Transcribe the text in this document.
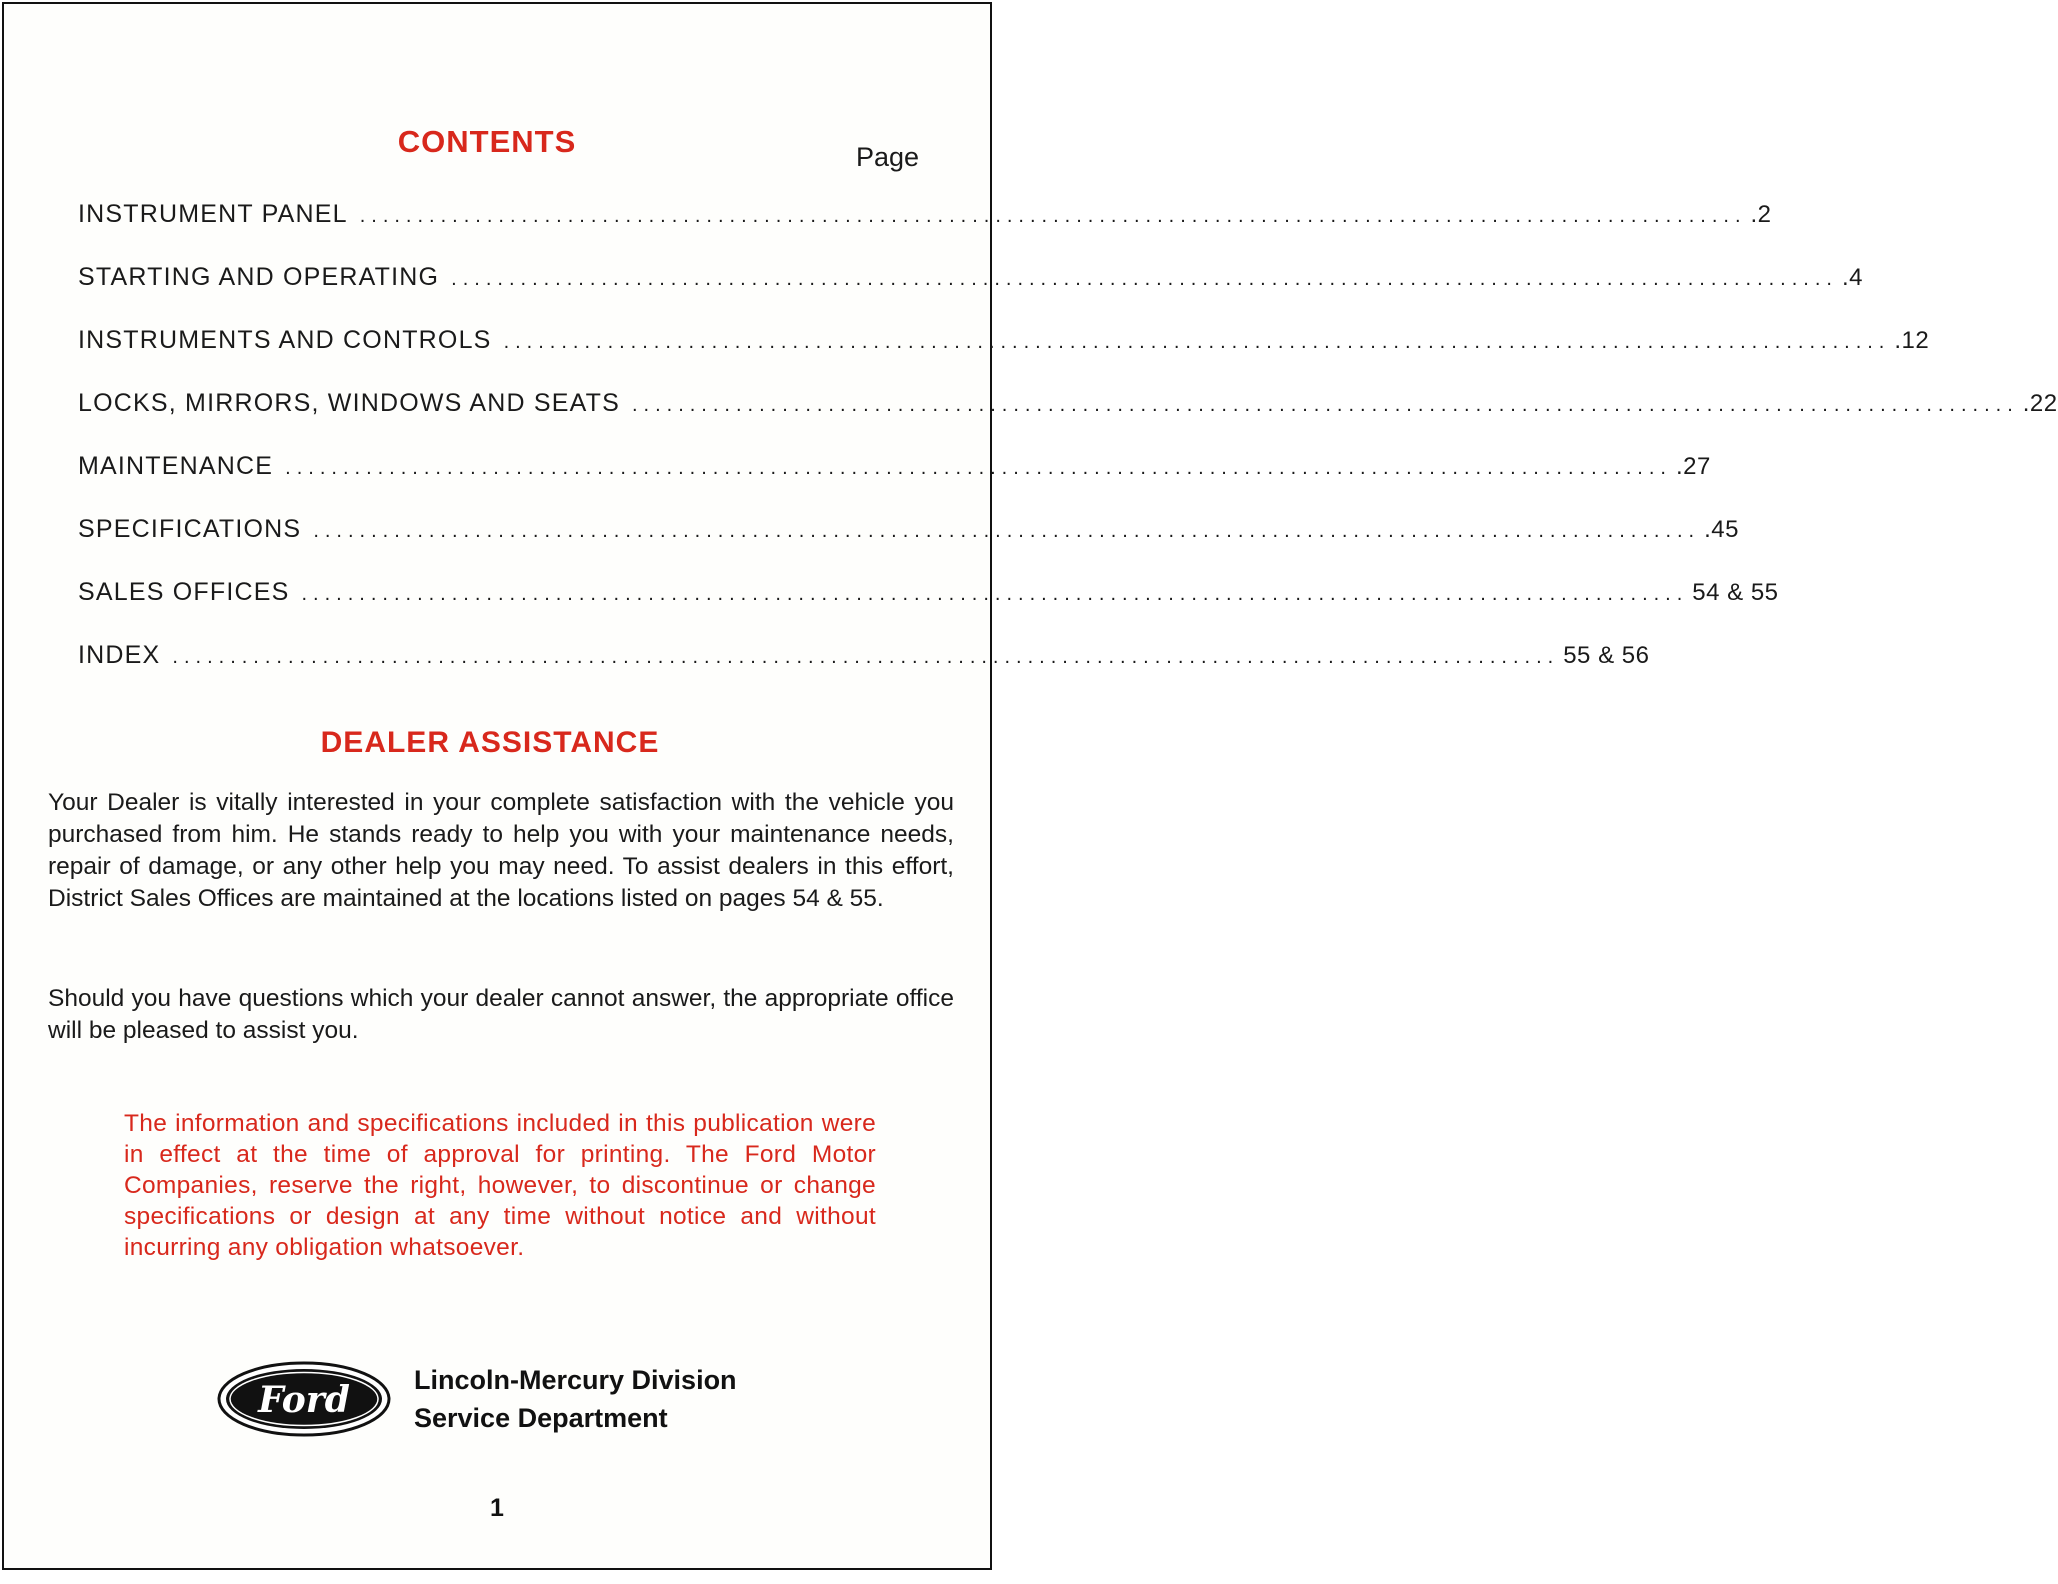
CONTENTS	Page
INSTRUMENT PANEL ........................................................................................................................ .2
STARTING AND OPERATING ........................................................................................................................ .4
INSTRUMENTS AND CONTROLS ........................................................................................................................ .12
LOCKS, MIRRORS, WINDOWS AND SEATS ........................................................................................................................ .22
MAINTENANCE ........................................................................................................................ .27
SPECIFICATIONS ........................................................................................................................ .45
SALES OFFICES ........................................................................................................................ 54 & 55
INDEX ........................................................................................................................ 55 & 56
DEALER ASSISTANCE

Your Dealer is vitally interested in your complete satisfaction with the vehicle you purchased from him. He stands ready to help you with your maintenance needs, repair of damage, or any other help you may need. To assist dealers in this effort, District Sales Offices are maintained at the locations listed on pages 54 & 55.

Should you have questions which your dealer cannot answer, the appropriate office will be pleased to assist you.

The information and specifications included in this publication were in effect at the time of approval for printing. The Ford Motor Companies, reserve the right, however, to discontinue or change specifications or design at any time without notice and without incurring any obligation whatsoever.

Ford Lincoln-Mercury Division
Service Department
1
